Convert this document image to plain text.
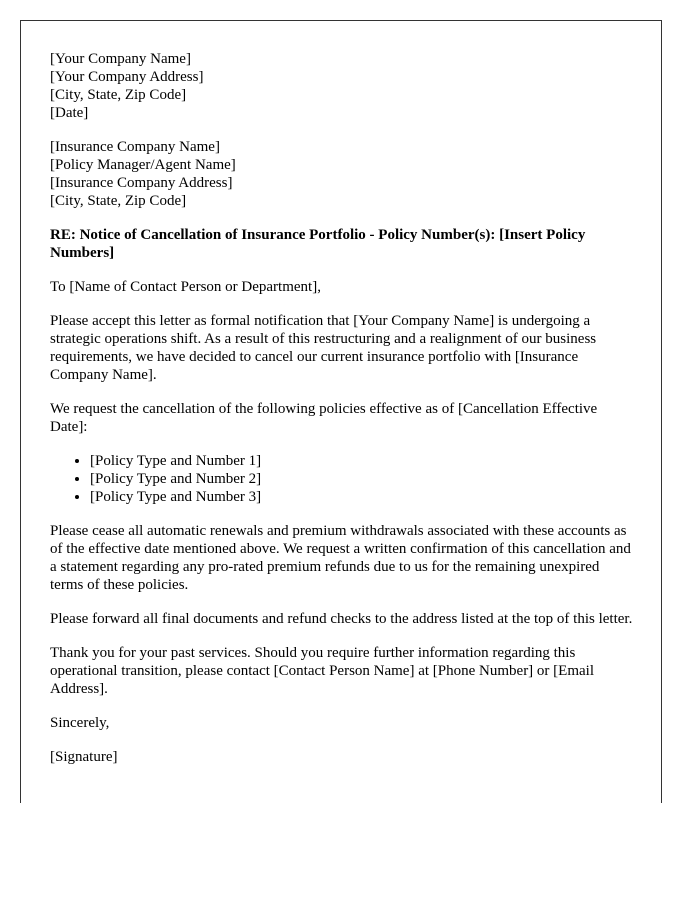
[Your Company Name]
[Your Company Address]
[City, State, Zip Code]
[Date]

[Insurance Company Name]
[Policy Manager/Agent Name]
[Insurance Company Address]
[City, State, Zip Code]

RE: Notice of Cancellation of Insurance Portfolio - Policy Number(s): [Insert Policy Numbers]

To [Name of Contact Person or Department],

Please accept this letter as formal notification that [Your Company Name] is undergoing a strategic operations shift. As a result of this restructuring and a realignment of our business requirements, we have decided to cancel our current insurance portfolio with [Insurance Company Name].

We request the cancellation of the following policies effective as of [Cancellation Effective Date]:

• [Policy Type and Number 1]
• [Policy Type and Number 2]
• [Policy Type and Number 3]

Please cease all automatic renewals and premium withdrawals associated with these accounts as of the effective date mentioned above. We request a written confirmation of this cancellation and a statement regarding any pro-rated premium refunds due to us for the remaining unexpired terms of these policies.

Please forward all final documents and refund checks to the address listed at the top of this letter.

Thank you for your past services. Should you require further information regarding this operational transition, please contact [Contact Person Name] at [Phone Number] or [Email Address].

Sincerely,

[Signature]
